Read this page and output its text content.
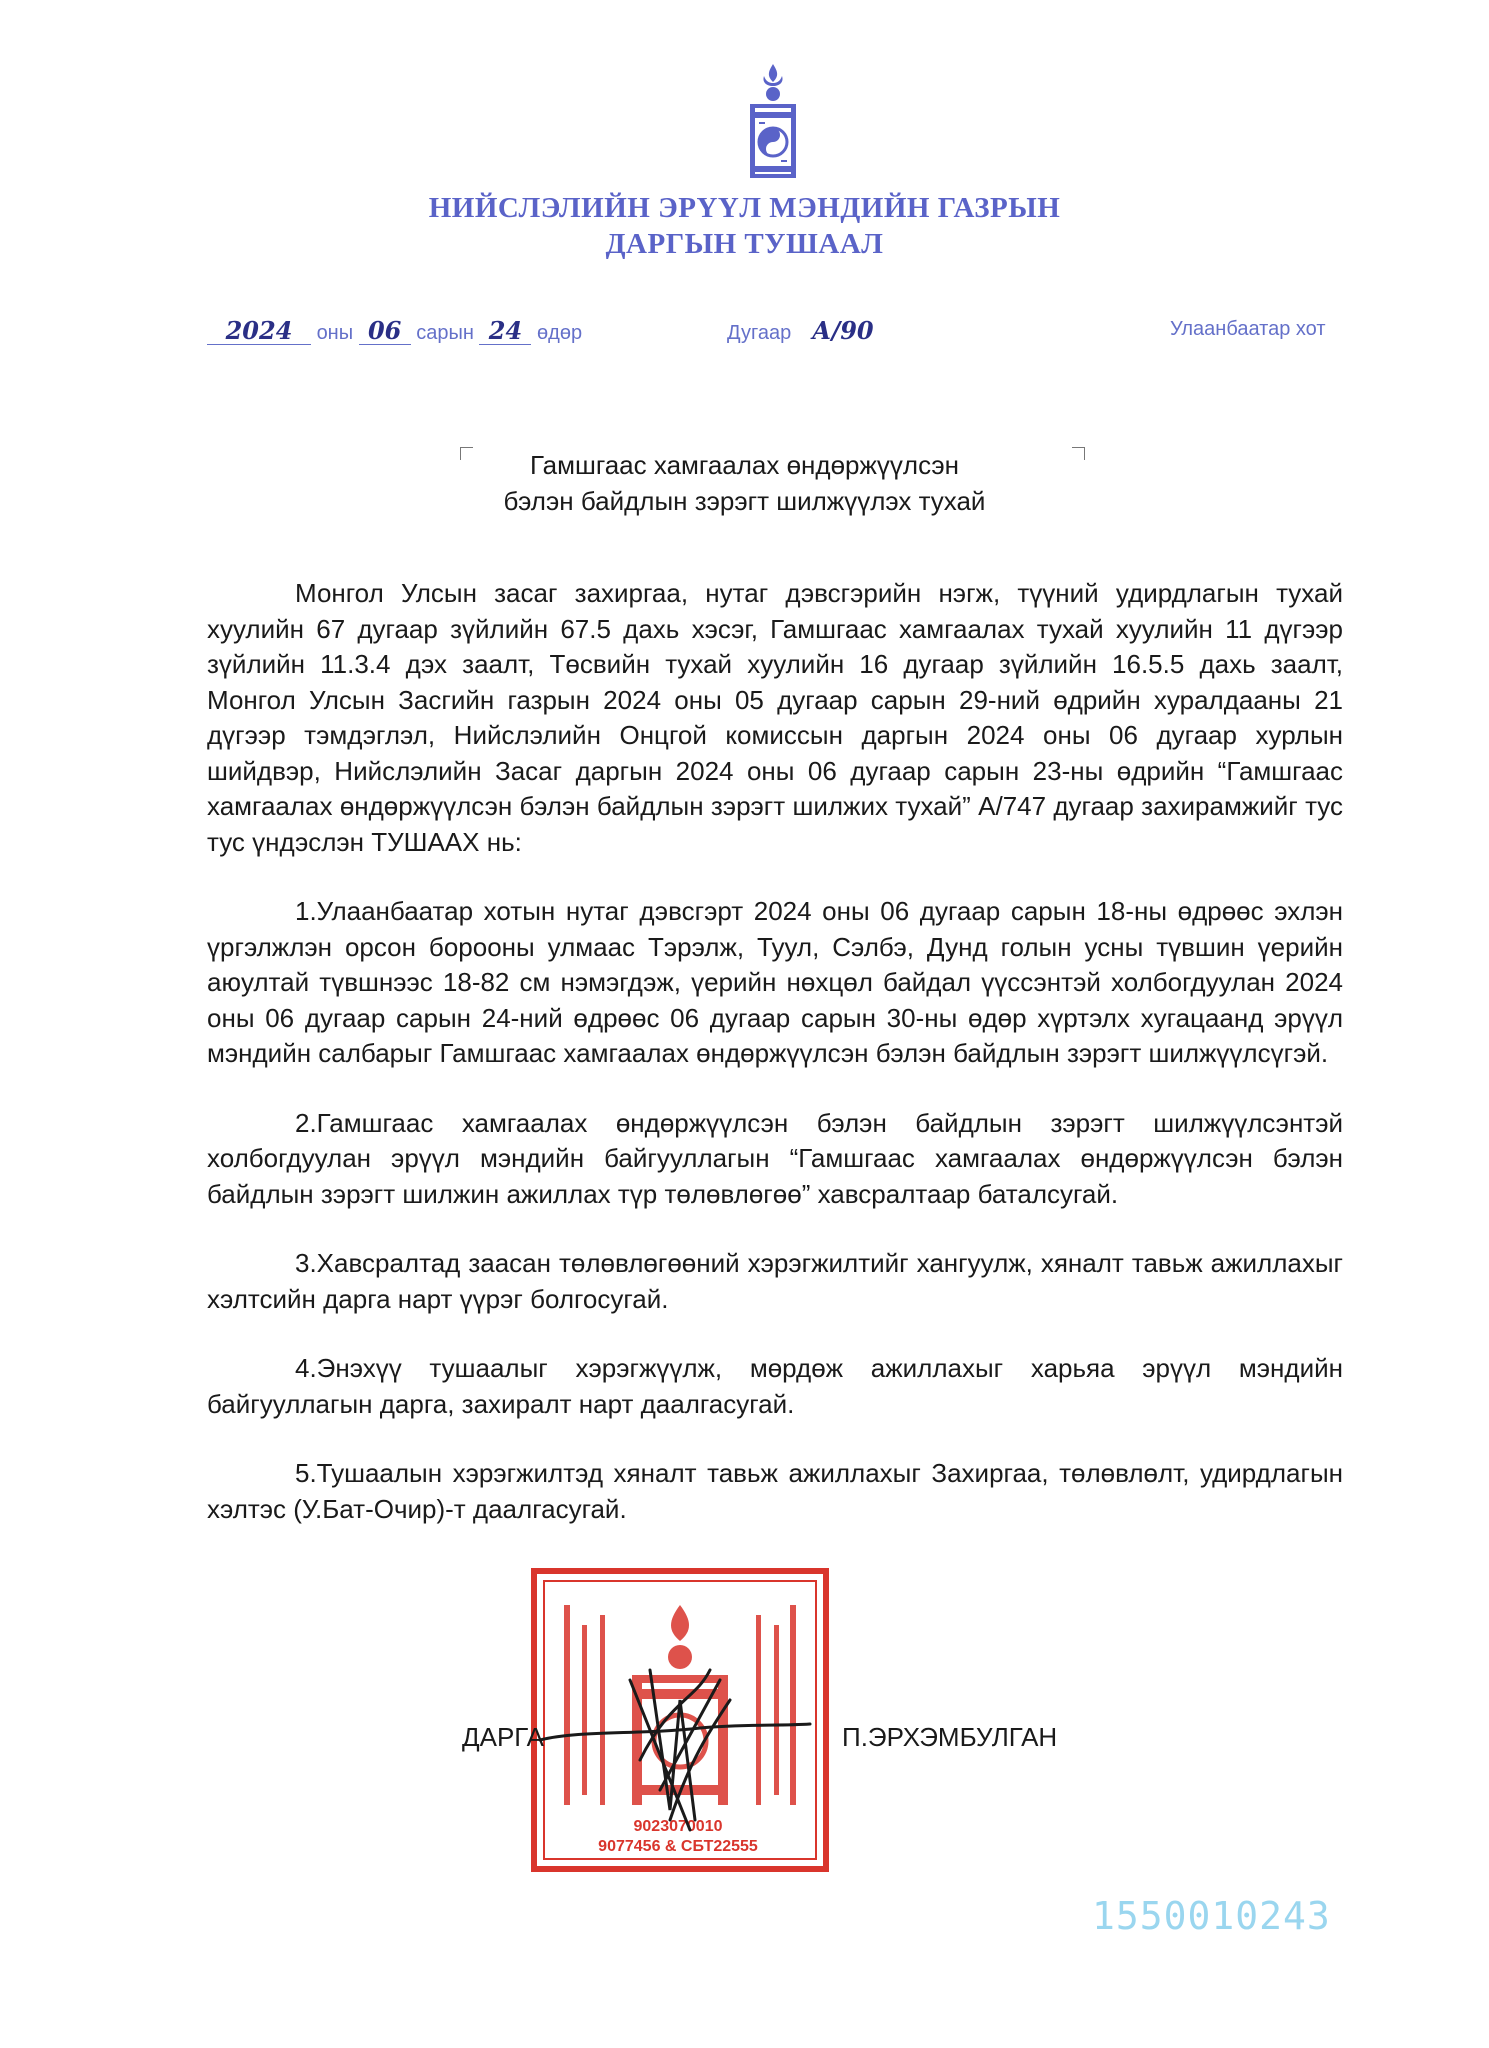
НИЙСЛЭЛИЙН ЭРҮҮЛ МЭНДИЙН ГАЗРЫН
ДАРГЫН ТУШААЛ
2024 оны 06 сарын 24 өдөр	Дугаар А/90	Улаанбаатар хот
Гамшгаас хамгаалах өндөржүүлсэн
бэлэн байдлын зэрэгт шилжүүлэх тухай

Монгол Улсын засаг захиргаа, нутаг дэвсгэрийн нэгж, түүний удирдлагын тухай хуулийн 67 дугаар зүйлийн 67.5 дахь хэсэг, Гамшгаас хамгаалах тухай хуулийн 11 дүгээр зүйлийн 11.3.4 дэх заалт, Төсвийн тухай хуулийн 16 дугаар зүйлийн 16.5.5 дахь заалт, Монгол Улсын Засгийн газрын 2024 оны 05 дугаар сарын 29-ний өдрийн хуралдааны 21 дүгээр тэмдэглэл, Нийслэлийн Онцгой комиссын даргын 2024 оны 06 дугаар хурлын шийдвэр, Нийслэлийн Засаг даргын 2024 оны 06 дугаар сарын 23-ны өдрийн “Гамшгаас хамгаалах өндөржүүлсэн бэлэн байдлын зэрэгт шилжих тухай” А/747 дугаар захирамжийг тус тус үндэслэн ТУШААХ нь:

1.Улаанбаатар хотын нутаг дэвсгэрт 2024 оны 06 дугаар сарын 18-ны өдрөөс эхлэн үргэлжлэн орсон борооны улмаас Тэрэлж, Туул, Сэлбэ, Дунд голын усны түвшин үерийн аюултай түвшнээс 18-82 см нэмэгдэж, үерийн нөхцөл байдал үүссэнтэй холбогдуулан 2024 оны 06 дугаар сарын 24-ний өдрөөс 06 дугаар сарын 30-ны өдөр хүртэлх хугацаанд эрүүл мэндийн салбарыг Гамшгаас хамгаалах өндөржүүлсэн бэлэн байдлын зэрэгт шилжүүлсүгэй.

2.Гамшгаас хамгаалах өндөржүүлсэн бэлэн байдлын зэрэгт шилжүүлсэнтэй холбогдуулан эрүүл мэндийн байгууллагын “Гамшгаас хамгаалах өндөржүүлсэн бэлэн байдлын зэрэгт шилжин ажиллах түр төлөвлөгөө” хавсралтаар баталсугай.

3.Хавсралтад заасан төлөвлөгөөний хэрэгжилтийг хангуулж, хяналт тавьж ажиллахыг хэлтсийн дарга нарт үүрэг болгосугай.

4.Энэхүү тушаалыг хэрэгжүүлж, мөрдөж ажиллахыг харьяа эрүүл мэндийн байгууллагын дарга, захиралт нарт даалгасугай.

5.Тушаалын хэрэгжилтэд хяналт тавьж ажиллахыг Захиргаа, төлөвлөлт, удирдлагын хэлтэс (У.Бат-Очир)-т даалгасугай.

9023070010
9077456 & СБТ22555
ДАРГА	П.ЭРХЭМБУЛГАН
1550010243
